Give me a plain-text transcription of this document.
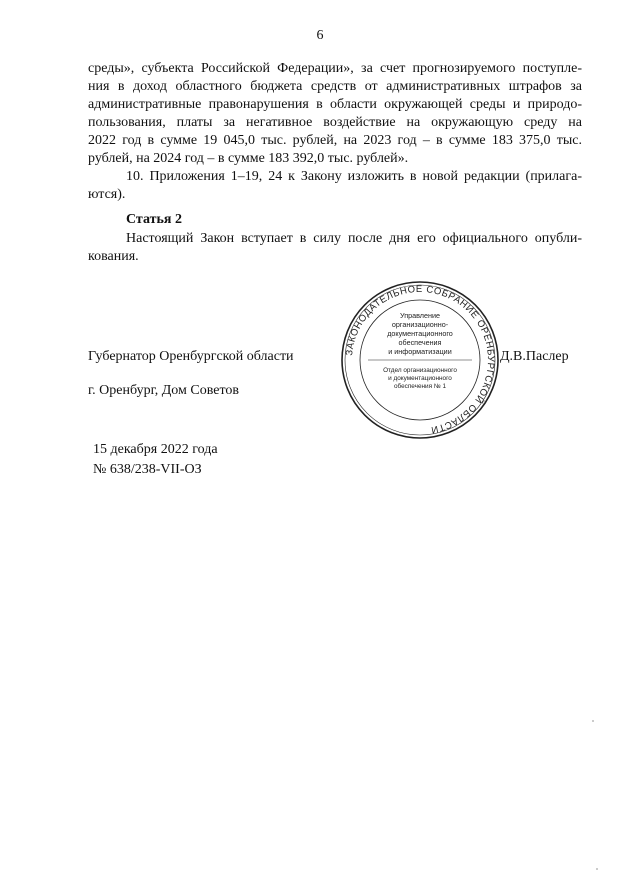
6
среды», субъекта Российской Федерации», за счет прогнозируемого поступле-
ния в доход областного бюджета средств от административных штрафов за
административные правонарушения в области окружающей среды и природо-
пользования, платы за негативное воздействие на окружающую среду на
2022 год в сумме 19 045,0 тыс. рублей, на 2023 год – в сумме 183 375,0 тыс.
рублей, на 2024 год – в сумме 183 392,0 тыс. рублей».
10. Приложения 1–19, 24 к Закону изложить в новой редакции (прилага-
ются).
Статья 2
Настоящий Закон вступает в силу после дня его официального опубли-
кования.
ЗАКОНОДАТЕЛЬНОЕ СОБРАНИЕ ОРЕНБУРГСКОЙ ОБЛАСТИ
Управление
организационно-
документационного
обеспечения
и информатизации
Отдел организационного
и документационного
обеспечения № 1
Губернатор Оренбургской области	Д.В.Паслер
г. Оренбург, Дом Советов
15 декабря 2022 года
№ 638/238-VII-ОЗ
